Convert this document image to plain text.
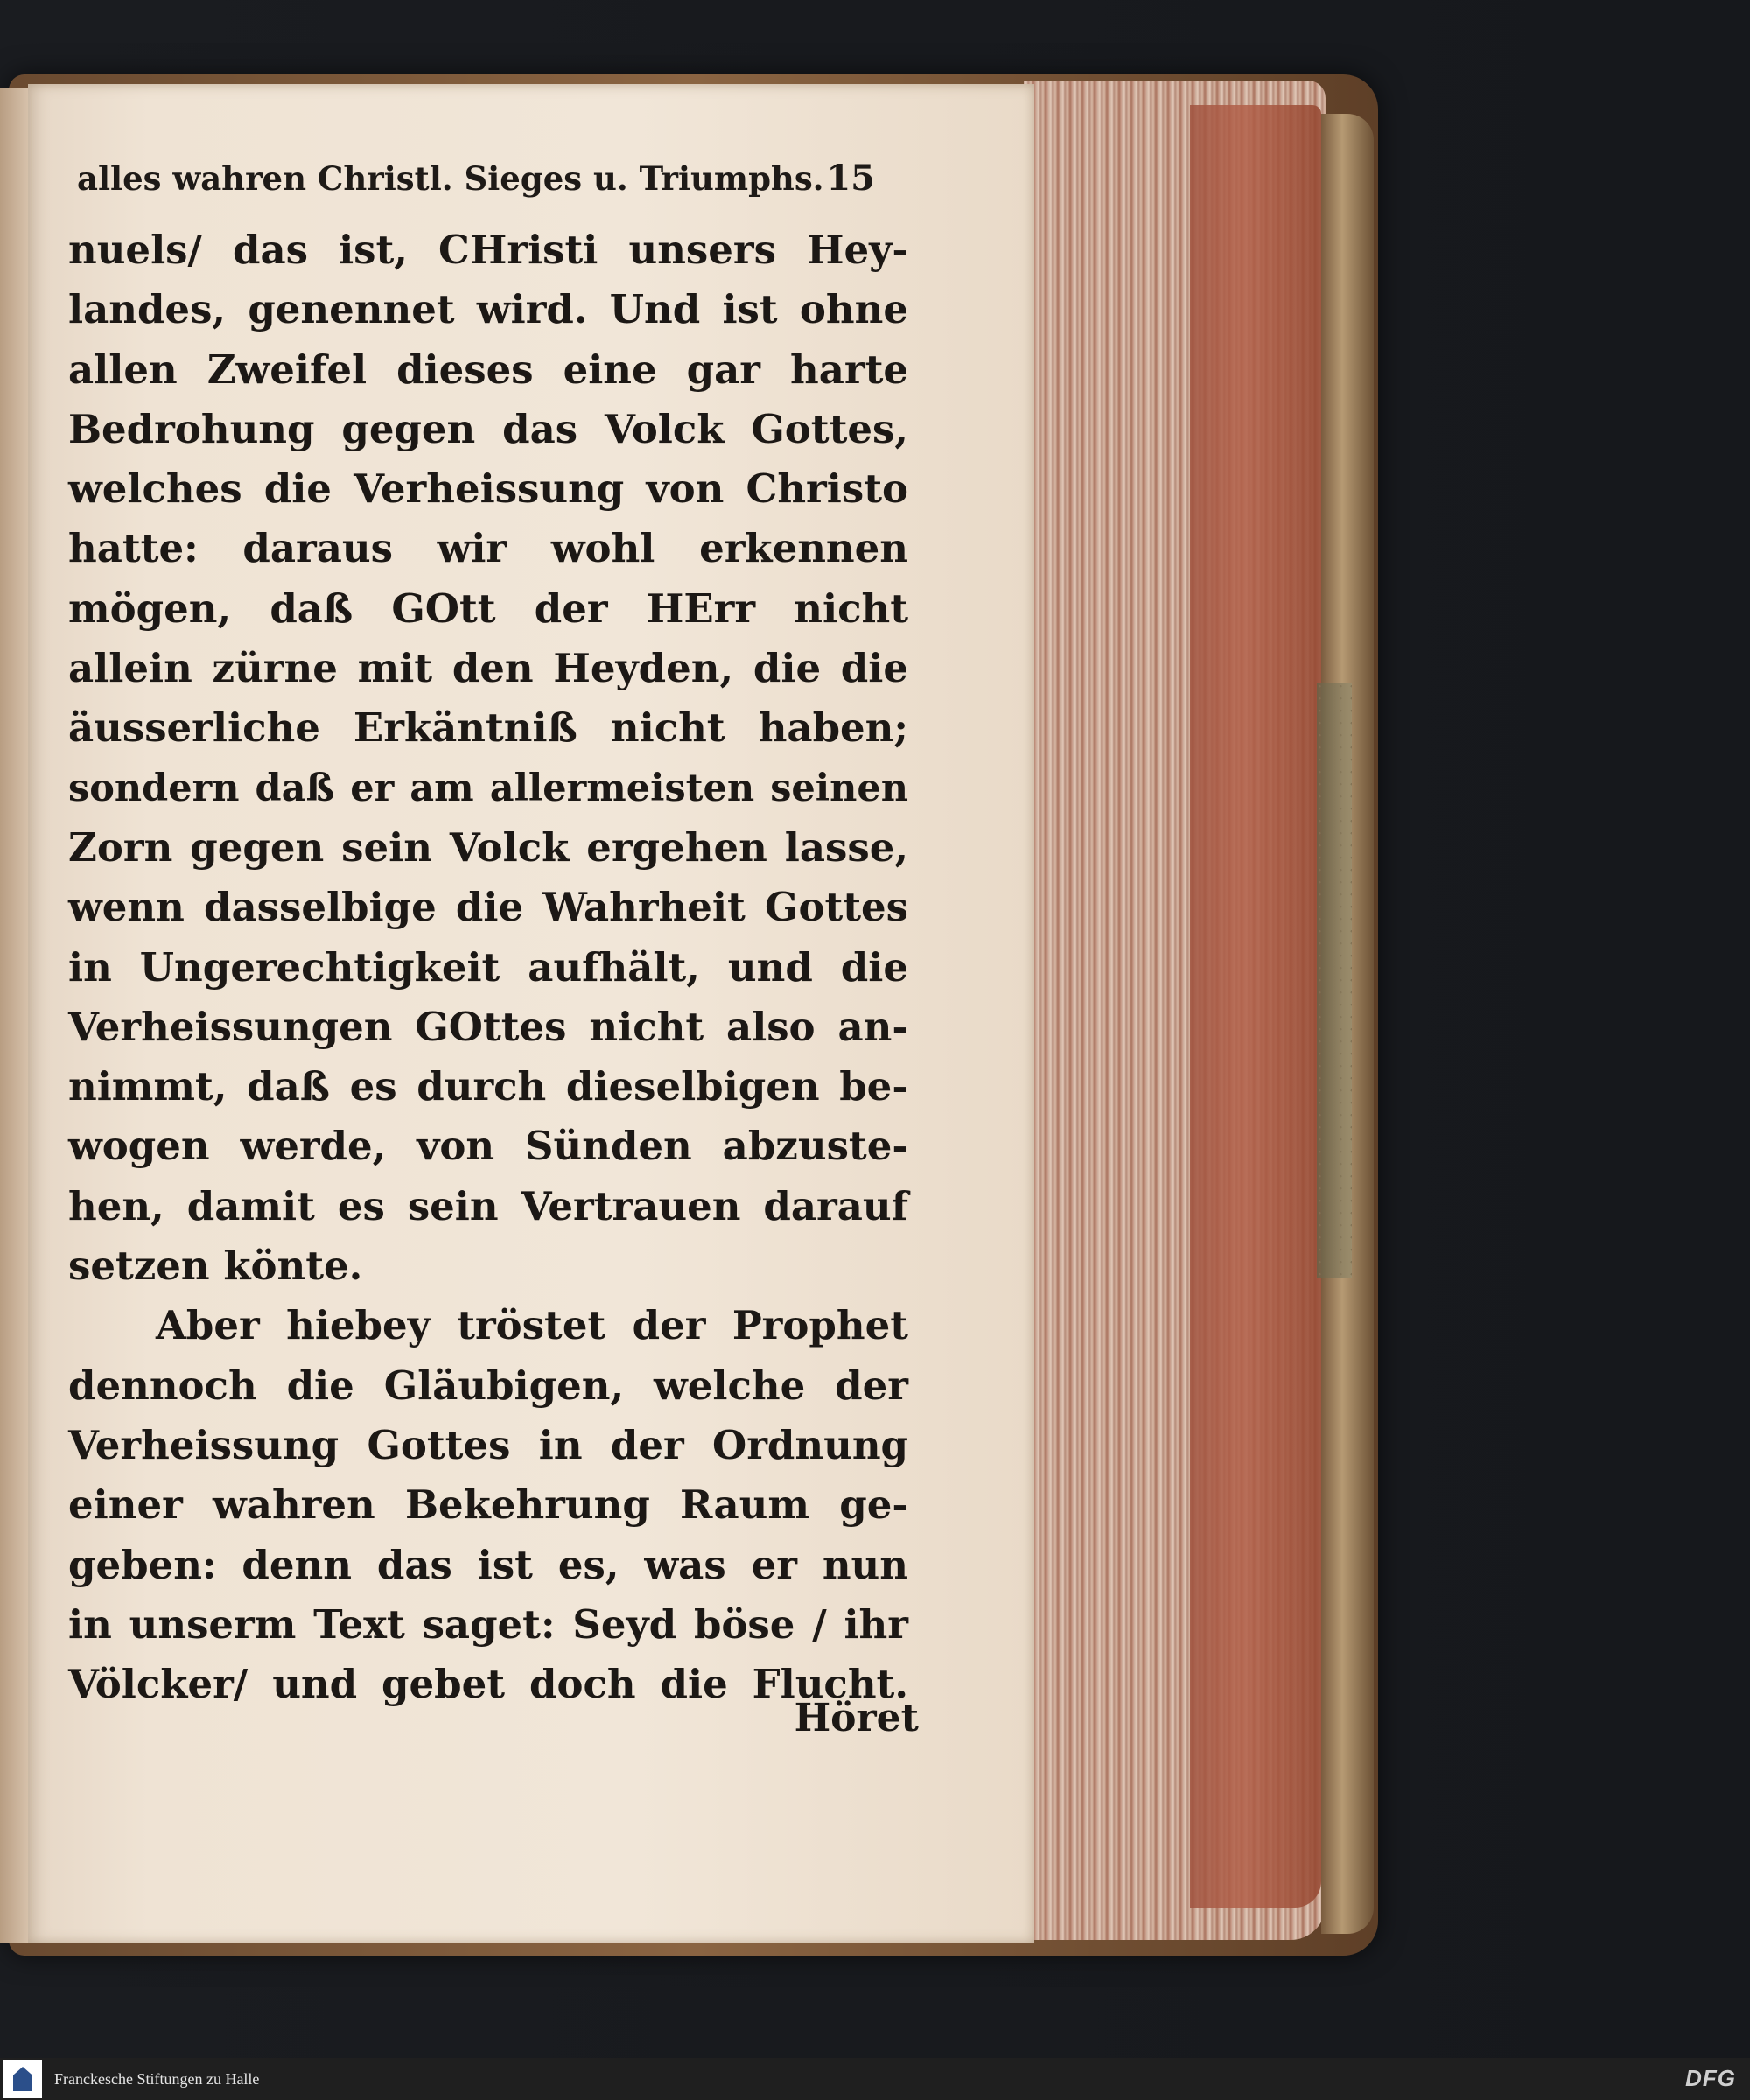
alles wahren Christl. Sieges u. Triumphs. 15
nuels/ das ist, CHristi unsers Hey-
landes, genennet wird. Und ist ohne
allen Zweifel dieses eine gar harte
Bedrohung gegen das Volck Gottes,
welches die Verheissung von Christo
hatte: daraus wir wohl erkennen
mögen, daß GOtt der HErr nicht
allein zürne mit den Heyden, die die
äusserliche Erkäntniß nicht haben;
sondern daß er am allermeisten seinen
Zorn gegen sein Volck ergehen lasse,
wenn dasselbige die Wahrheit Gottes
in Ungerechtigkeit aufhält, und die
Verheissungen GOttes nicht also an-
nimmt, daß es durch dieselbigen be-
wogen werde, von Sünden abzuste-
hen, damit es sein Vertrauen darauf
setzen könte.
Aber hiebey tröstet der Prophet
dennoch die Gläubigen, welche der
Verheissung Gottes in der Ordnung
einer wahren Bekehrung Raum ge-
geben: denn das ist es, was er nun
in unserm Text saget: Seyd böse / ihr
Völcker/ und gebet doch die Flucht.
Höret
Franckesche Stiftungen zu Halle	DFG
